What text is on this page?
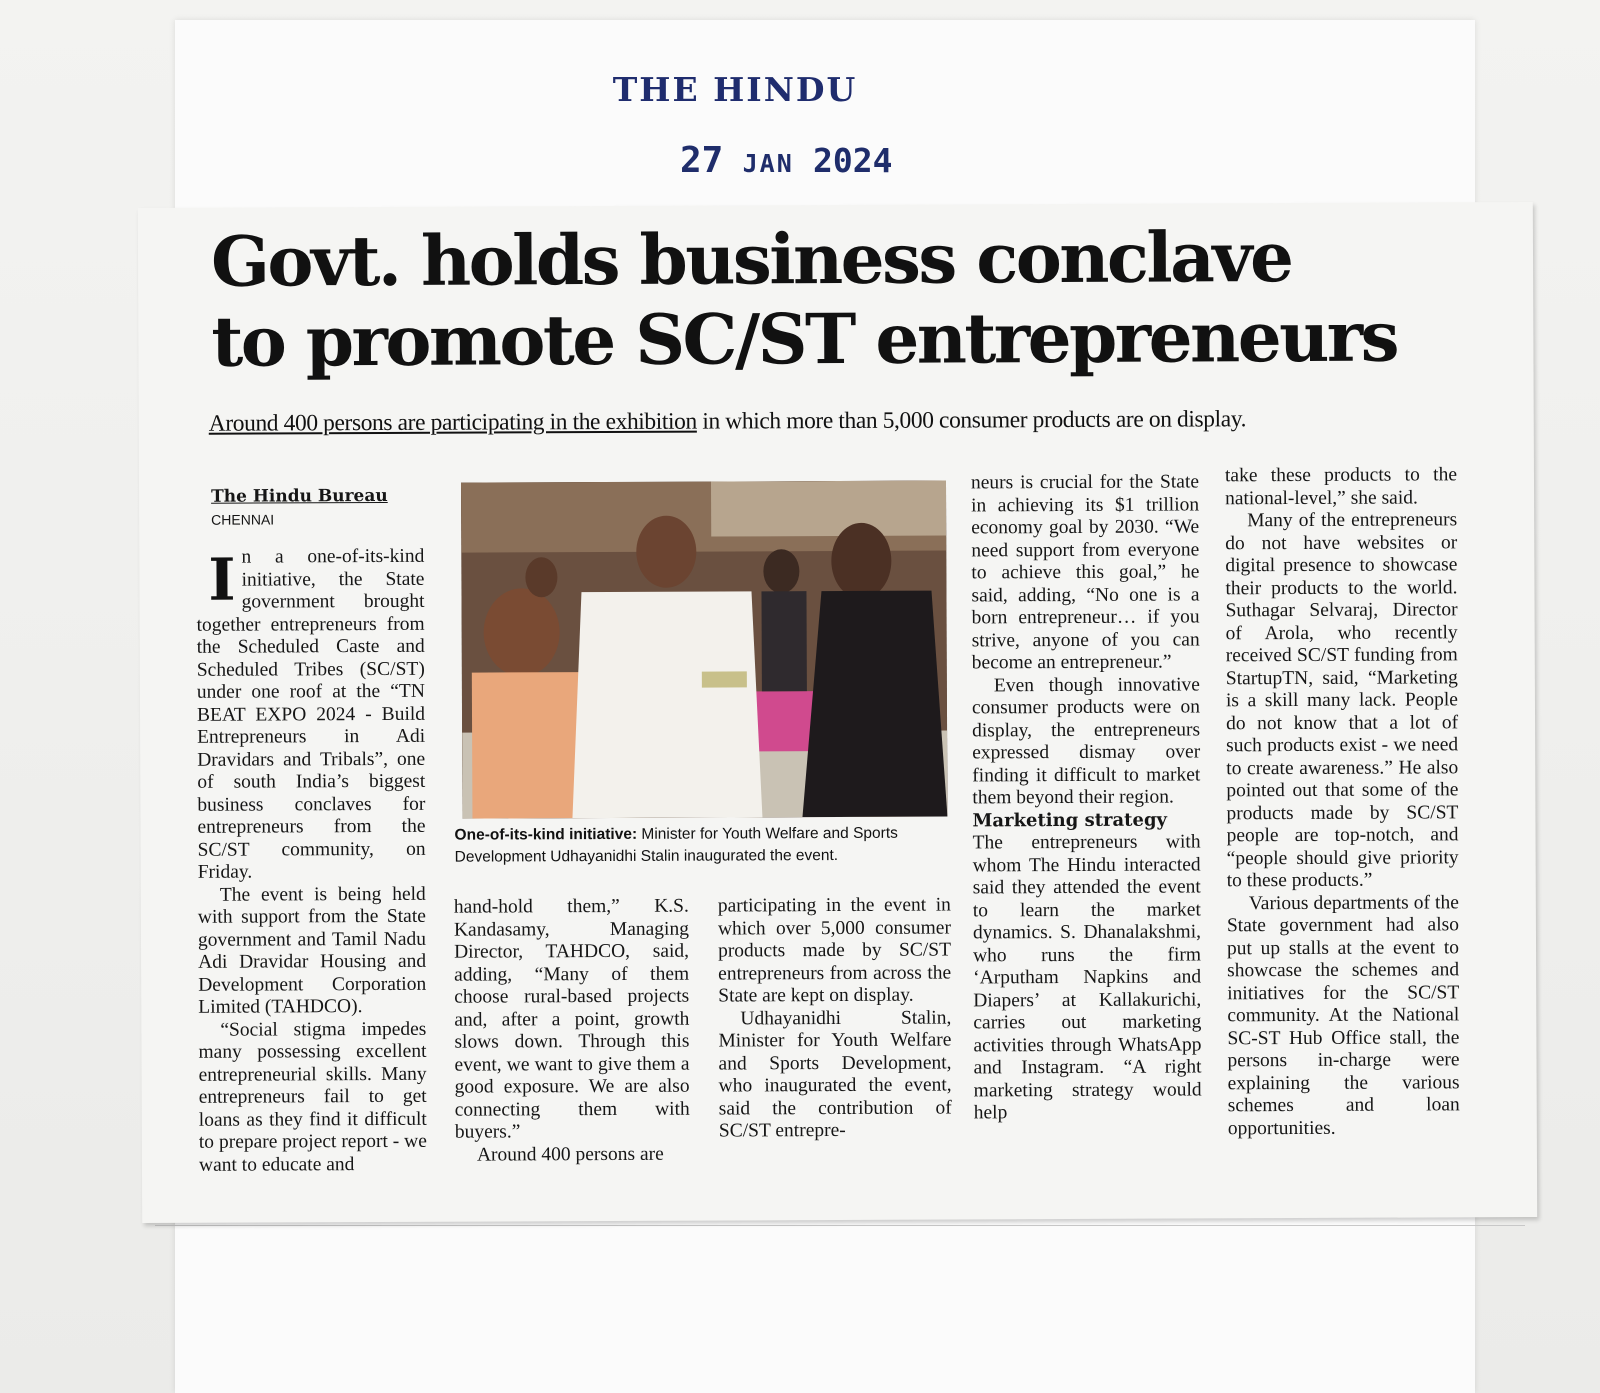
THE HINDU
27 JAN 2024
Govt. holds business conclave
to promote SC/ST entrepreneurs
Around 400 persons are participating in the exhibition in which more than 5,000 consumer products are on display.
The Hindu Bureau
CHENNAI
I n a one-of-its-kind initiative, the State government brought together entrepreneurs from the Scheduled Caste and Scheduled Tribes (SC/ST) under one roof at the “TN BEAT EXPO 2024 - Build Entrepreneurs in Adi Dravidars and Tribals”, one of south India’s biggest business conclaves for entrepreneurs from the SC/ST community, on Friday.

The event is being held with support from the State government and Tamil Nadu Adi Dravidar Housing and Development Corporation Limited (TAHDCO).

“Social stigma impedes many possessing excellent entrepreneurial skills. Many entrepreneurs fail to get loans as they find it difficult to prepare project report - we want to educate and

One-of-its-kind initiative: Minister for Youth Welfare and Sports Development Udhayanidhi Stalin inaugurated the event.

hand-hold them,” K.S. Kandasamy, Managing Director, TAHDCO, said, adding, “Many of them choose rural-based projects and, after a point, growth slows down. Through this event, we want to give them a good exposure. We are also connecting them with buyers.”

Around 400 persons are

participating in the event in which over 5,000 consumer products made by SC/ST entrepreneurs from across the State are kept on display.

Udhayanidhi Stalin, Minister for Youth Welfare and Sports Development, who inaugurated the event, said the contribution of SC/ST entrepre-

neurs is crucial for the State in achieving its $1 trillion economy goal by 2030. “We need support from everyone to achieve this goal,” he said, adding, “No one is a born entrepreneur… if you strive, anyone of you can become an entrepreneur.”

Even though innovative consumer products were on display, the entrepreneurs expressed dismay over finding it difficult to market them beyond their region.

Marketing strategy

The entrepreneurs with whom The Hindu interacted said they attended the event to learn the market dynamics. S. Dhanalakshmi, who runs the firm ‘Arputham Napkins and Diapers’ at Kallakurichi, carries out marketing activities through WhatsApp and Instagram. “A right marketing strategy would help

take these products to the national-level,” she said.

Many of the entrepreneurs do not have websites or digital presence to showcase their products to the world. Suthagar Selvaraj, Director of Arola, who recently received SC/ST funding from StartupTN, said, “Marketing is a skill many lack. People do not know that a lot of such products exist - we need to create awareness.” He also pointed out that some of the products made by SC/ST people are top-notch, and “people should give priority to these products.”

Various departments of the State government had also put up stalls at the event to showcase the schemes and initiatives for the SC/ST community. At the National SC-ST Hub Office stall, the persons in-charge were explaining the various schemes and loan opportunities.
